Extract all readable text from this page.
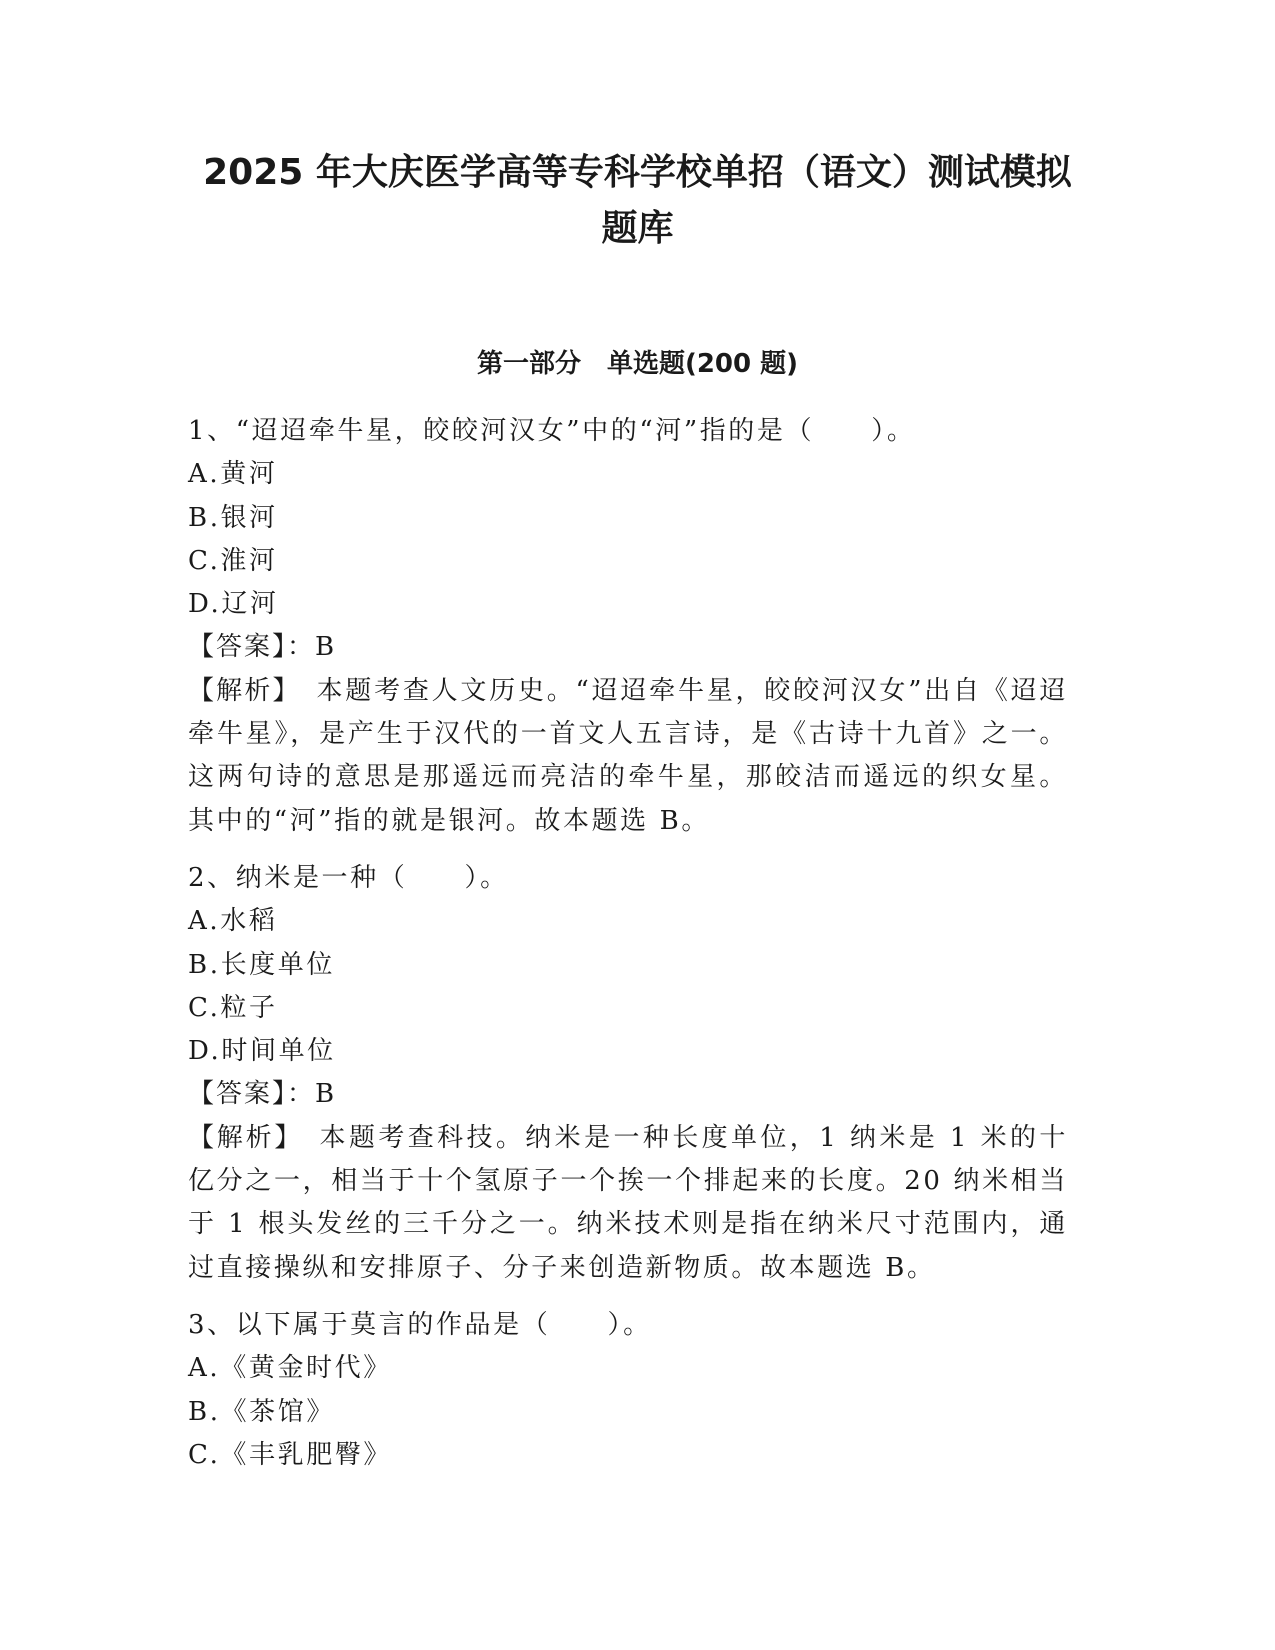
2025 年大庆医学高等专科学校单招（语文）测试模拟
题库
第一部分　单选题(200 题)
1、“迢迢牵牛星，皎皎河汉女”中的“河”指的是（　　）。
A.黄河
B.银河
C.淮河
D.辽河
【答案】：B
【解析】　本题考查人文历史。“迢迢牵牛星，皎皎河汉女”出自《迢迢牵牛星》，是产生于汉代的一首文人五言诗，是《古诗十九首》之一。这两句诗的意思是那遥远而亮洁的牵牛星，那皎洁而遥远的织女星。其中的“河”指的就是银河。故本题选 B。
2、纳米是一种（　　）。
A.水稻
B.长度单位
C.粒子
D.时间单位
【答案】：B
【解析】　本题考查科技。纳米是一种长度单位，1 纳米是 1 米的十亿分之一，相当于十个氢原子一个挨一个排起来的长度。20 纳米相当于 1 根头发丝的三千分之一。纳米技术则是指在纳米尺寸范围内，通过直接操纵和安排原子、分子来创造新物质。故本题选 B。
3、以下属于莫言的作品是（　　）。
A.《黄金时代》
B.《茶馆》
C.《丰乳肥臀》
